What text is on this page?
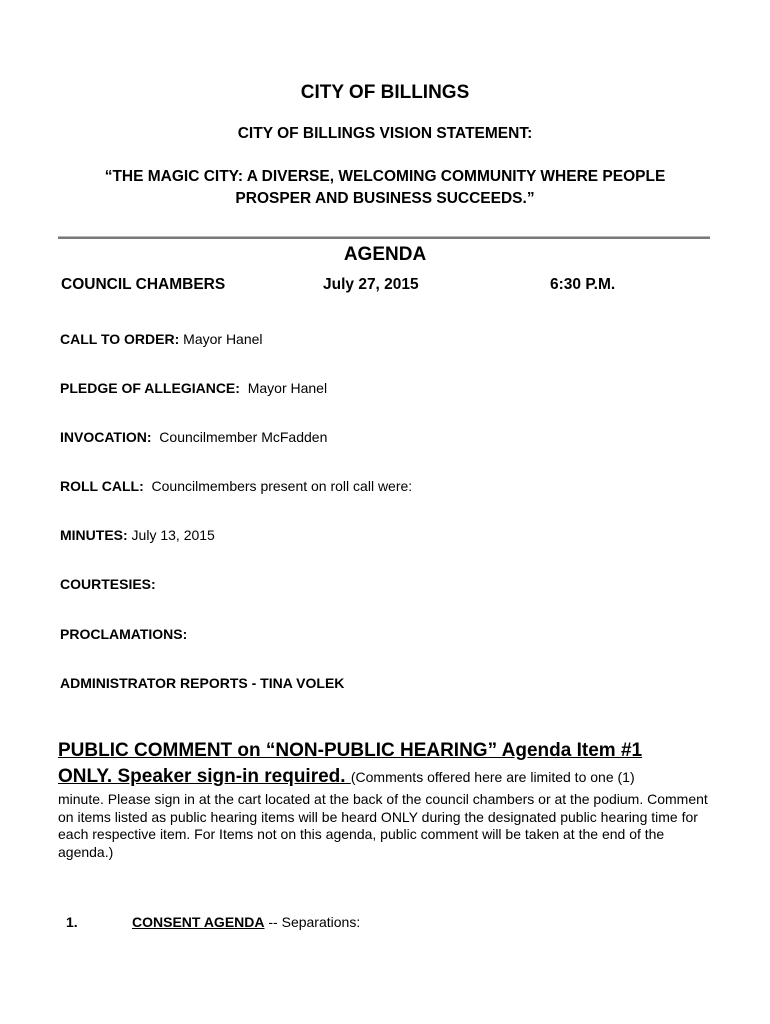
CITY OF BILLINGS
CITY OF BILLINGS VISION STATEMENT:
“THE MAGIC CITY: A DIVERSE, WELCOMING COMMUNITY WHERE PEOPLE
PROSPER AND BUSINESS SUCCEEDS.”
AGENDA
COUNCIL CHAMBERS	July 27, 2015	6:30 P.M.
CALL TO ORDER: Mayor Hanel
PLEDGE OF ALLEGIANCE:  Mayor Hanel
INVOCATION:  Councilmember McFadden
ROLL CALL:  Councilmembers present on roll call were:
MINUTES: July 13, 2015
COURTESIES:
PROCLAMATIONS:
ADMINISTRATOR REPORTS - TINA VOLEK
PUBLIC COMMENT on “NON-PUBLIC HEARING” Agenda Item #1
ONLY. Speaker sign-in required. (Comments offered here are limited to one (1)
minute. Please sign in at the cart located at the back of the council chambers or at the podium. Comment on items listed as public hearing items will be heard ONLY during the designated public hearing time for each respective item. For Items not on this agenda, public comment will be taken at the end of the agenda.)
1.	CONSENT AGENDA -- Separations:
